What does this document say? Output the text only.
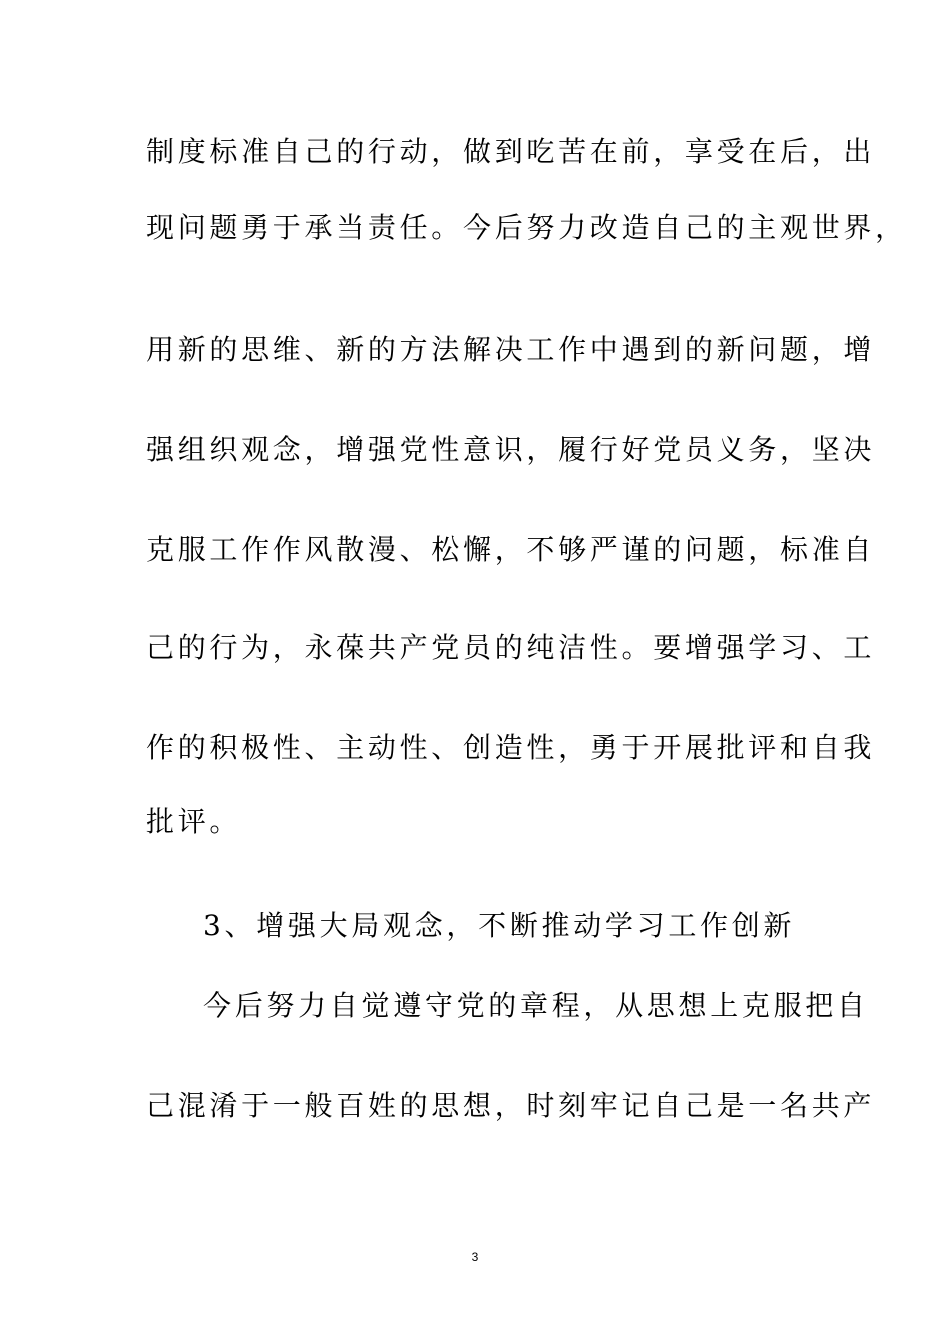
制度标准自己的行动，做到吃苦在前，享受在后，出
现问题勇于承当责任。今后努力改造自己的主观世界，
用新的思维、新的方法解决工作中遇到的新问题，增
强组织观念，增强党性意识，履行好党员义务，坚决
克服工作作风散漫、松懈，不够严谨的问题，标准自
己的行为，永葆共产党员的纯洁性。要增强学习、工
作的积极性、主动性、创造性，勇于开展批评和自我
批评。
3、增强大局观念，不断推动学习工作创新
今后努力自觉遵守党的章程，从思想上克服把自
己混淆于一般百姓的思想，时刻牢记自己是一名共产
3
